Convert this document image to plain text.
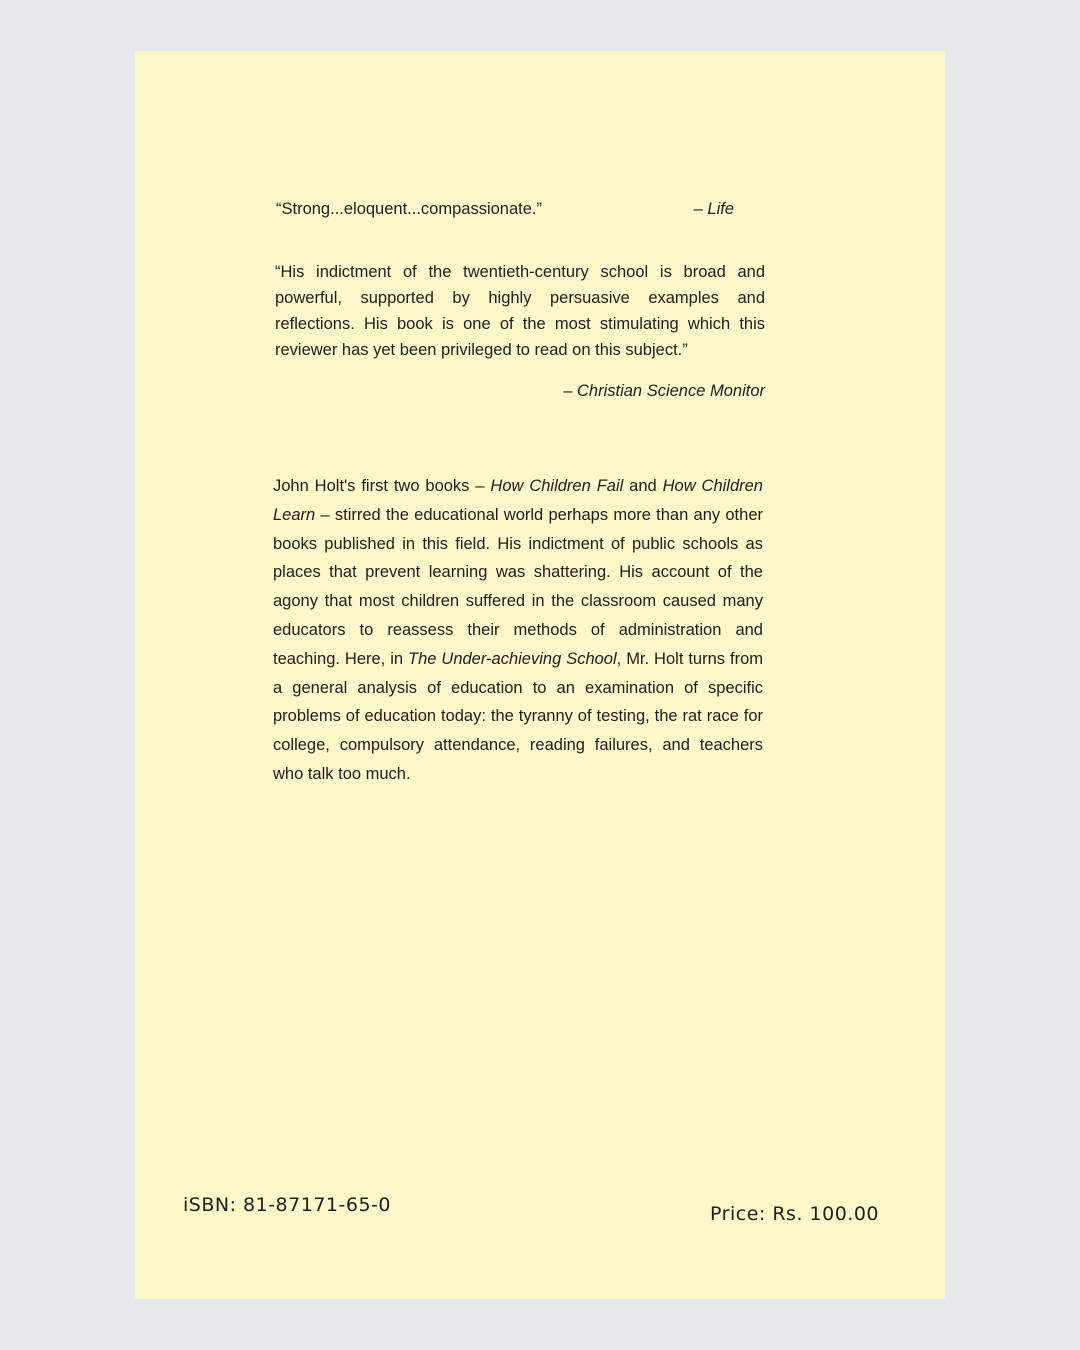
“Strong...eloquent...compassionate.”	– Life
“His indictment of the twentieth-century school is broad and powerful, supported by highly persuasive examples and reflections. His book is one of the most stimulating which this reviewer has yet been privileged to read on this subject.”
– Christian Science Monitor
John Holt's first two books – How Children Fail and How Children Learn – stirred the educational world perhaps more than any other books published in this field. His indictment of public schools as places that prevent learning was shattering. His account of the agony that most children suffered in the classroom caused many educators to reassess their methods of administration and teaching. Here, in The Under-achieving School, Mr. Holt turns from a general analysis of education to an examination of specific problems of education today: the tyranny of testing, the rat race for college, compulsory attendance, reading failures, and teachers who talk too much.
iSBN: 81-87171-65-0	Price: Rs. 100.00
